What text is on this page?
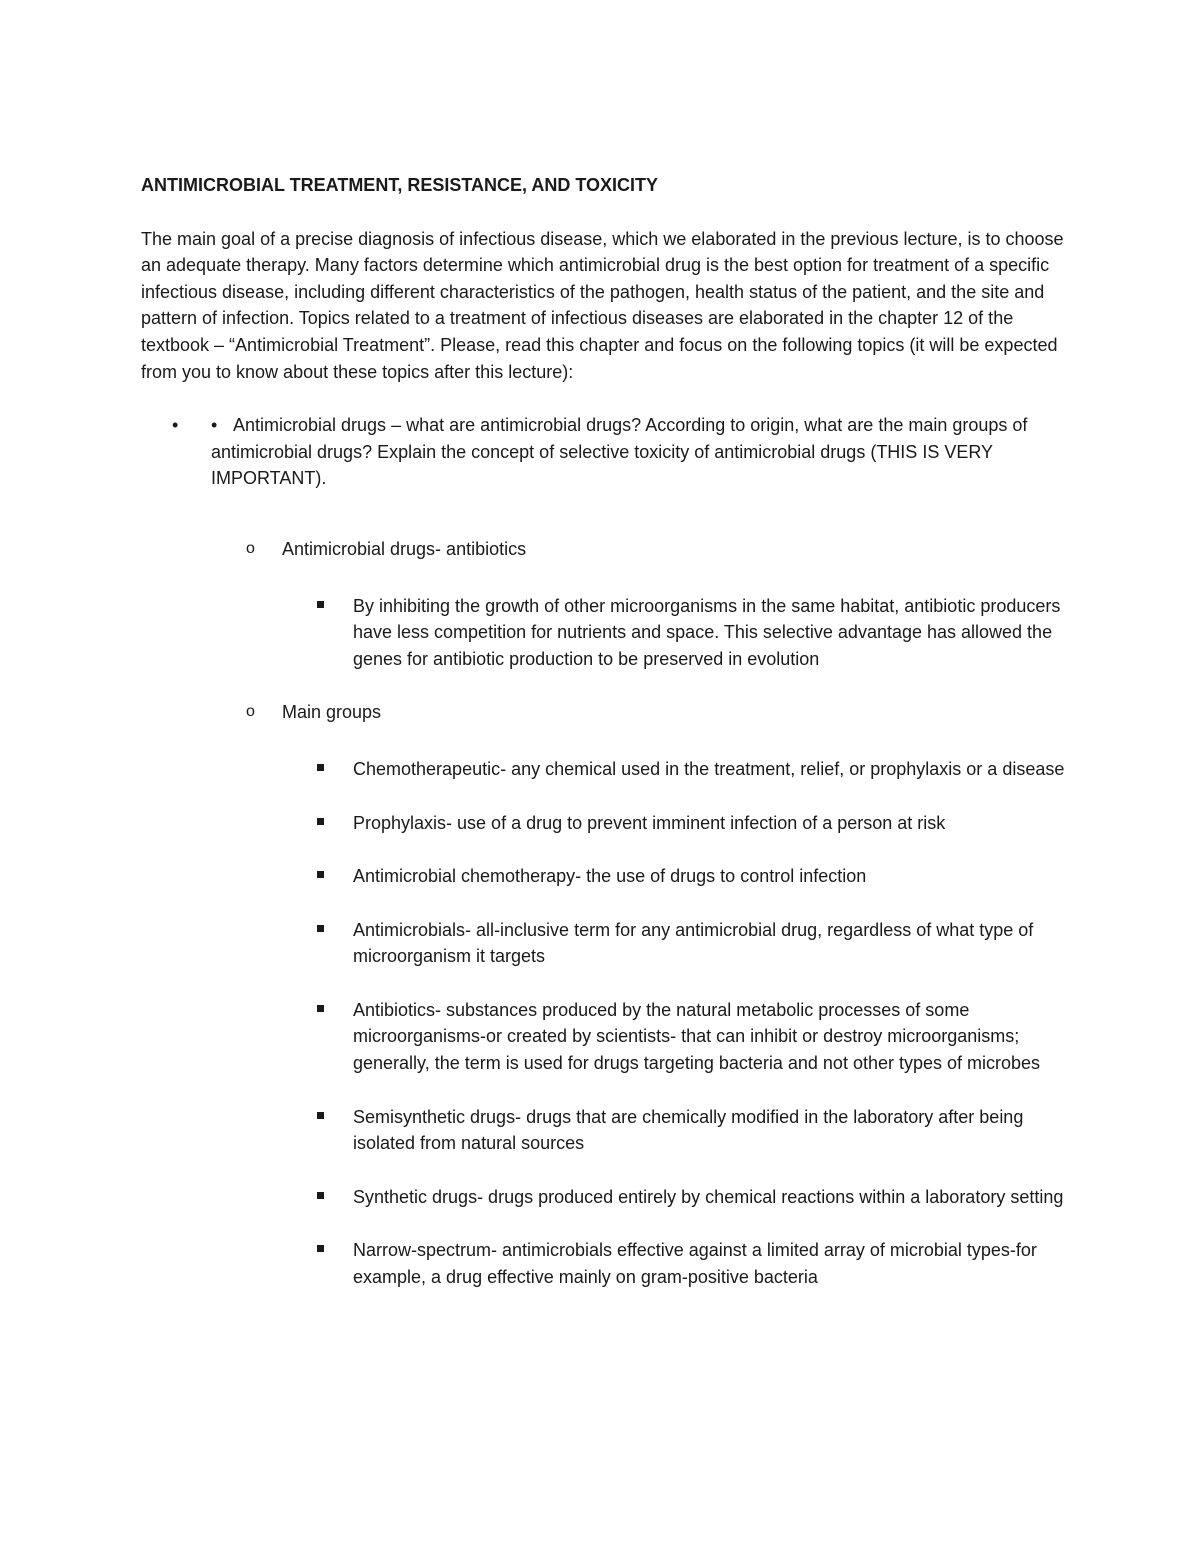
ANTIMICROBIAL TREATMENT, RESISTANCE, AND TOXICITY
The main goal of a precise diagnosis of infectious disease, which we elaborated in the previous lecture, is to choose an adequate therapy. Many factors determine which antimicrobial drug is the best option for treatment of a specific infectious disease, including different characteristics of the pathogen, health status of the patient, and the site and pattern of infection. Topics related to a treatment of infectious diseases are elaborated in the chapter 12 of the textbook – “Antimicrobial Treatment”. Please, read this chapter and focus on the following topics (it will be expected from you to know about these topics after this lecture):
• • Antimicrobial drugs – what are antimicrobial drugs? According to origin, what are the main groups of antimicrobial drugs? Explain the concept of selective toxicity of antimicrobial drugs (THIS IS VERY IMPORTANT).
o Antimicrobial drugs- antibiotics
By inhibiting the growth of other microorganisms in the same habitat, antibiotic producers have less competition for nutrients and space. This selective advantage has allowed the genes for antibiotic production to be preserved in evolution
o Main groups
Chemotherapeutic- any chemical used in the treatment, relief, or prophylaxis or a disease
Prophylaxis- use of a drug to prevent imminent infection of a person at risk
Antimicrobial chemotherapy- the use of drugs to control infection
Antimicrobials- all-inclusive term for any antimicrobial drug, regardless of what type of microorganism it targets
Antibiotics- substances produced by the natural metabolic processes of some microorganisms-or created by scientists- that can inhibit or destroy microorganisms; generally, the term is used for drugs targeting bacteria and not other types of microbes
Semisynthetic drugs- drugs that are chemically modified in the laboratory after being isolated from natural sources
Synthetic drugs- drugs produced entirely by chemical reactions within a laboratory setting
Narrow-spectrum- antimicrobials effective against a limited array of microbial types-for example, a drug effective mainly on gram-positive bacteria
